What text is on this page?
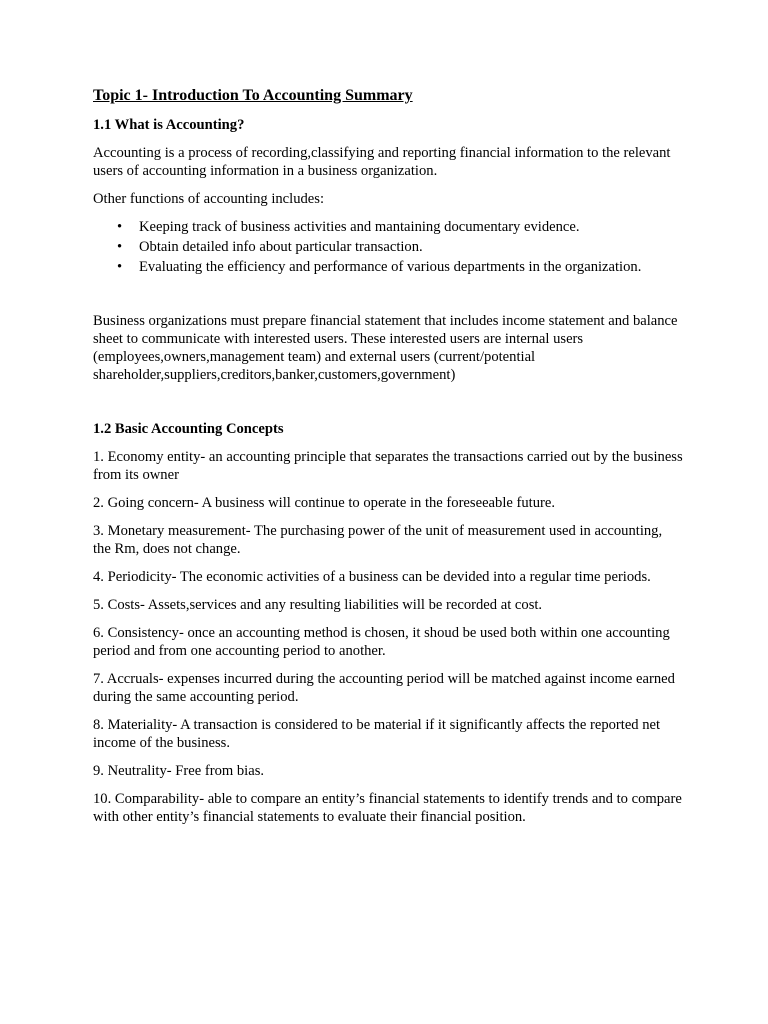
Topic 1- Introduction To Accounting Summary
1.1 What is Accounting?

Accounting is a process of recording,classifying and reporting financial information to the relevant users of accounting information in a business organization.

Other functions of accounting includes:

• Keeping track of business activities and mantaining documentary evidence.
• Obtain detailed info about particular transaction.
• Evaluating the efficiency and performance of various departments in the organization.

Business organizations must prepare financial statement that includes income statement and balance sheet to communicate with interested users. These interested users are internal users (employees,owners,management team) and external users (current/potential shareholder,suppliers,creditors,banker,customers,government)

1.2 Basic Accounting Concepts
1. Economy entity- an accounting principle that separates the transactions carried out by the business from its owner
2. Going concern- A business will continue to operate in the foreseeable future.
3. Monetary measurement- The purchasing power of the unit of measurement used in accounting, the Rm, does not change.
4. Periodicity- The economic activities of a business can be devided into a regular time periods.
5. Costs- Assets,services and any resulting liabilities will be recorded at cost.
6. Consistency- once an accounting method is chosen, it shoud be used both within one accounting period and from one accounting period to another.
7. Accruals- expenses incurred during the accounting period will be matched against income earned during the same accounting period.
8. Materiality- A transaction is considered to be material if it significantly affects the reported net income of the business.
9. Neutrality- Free from bias.
10. Comparability- able to compare an entity’s financial statements to identify trends and to compare with other entity’s financial statements to evaluate their financial position.
